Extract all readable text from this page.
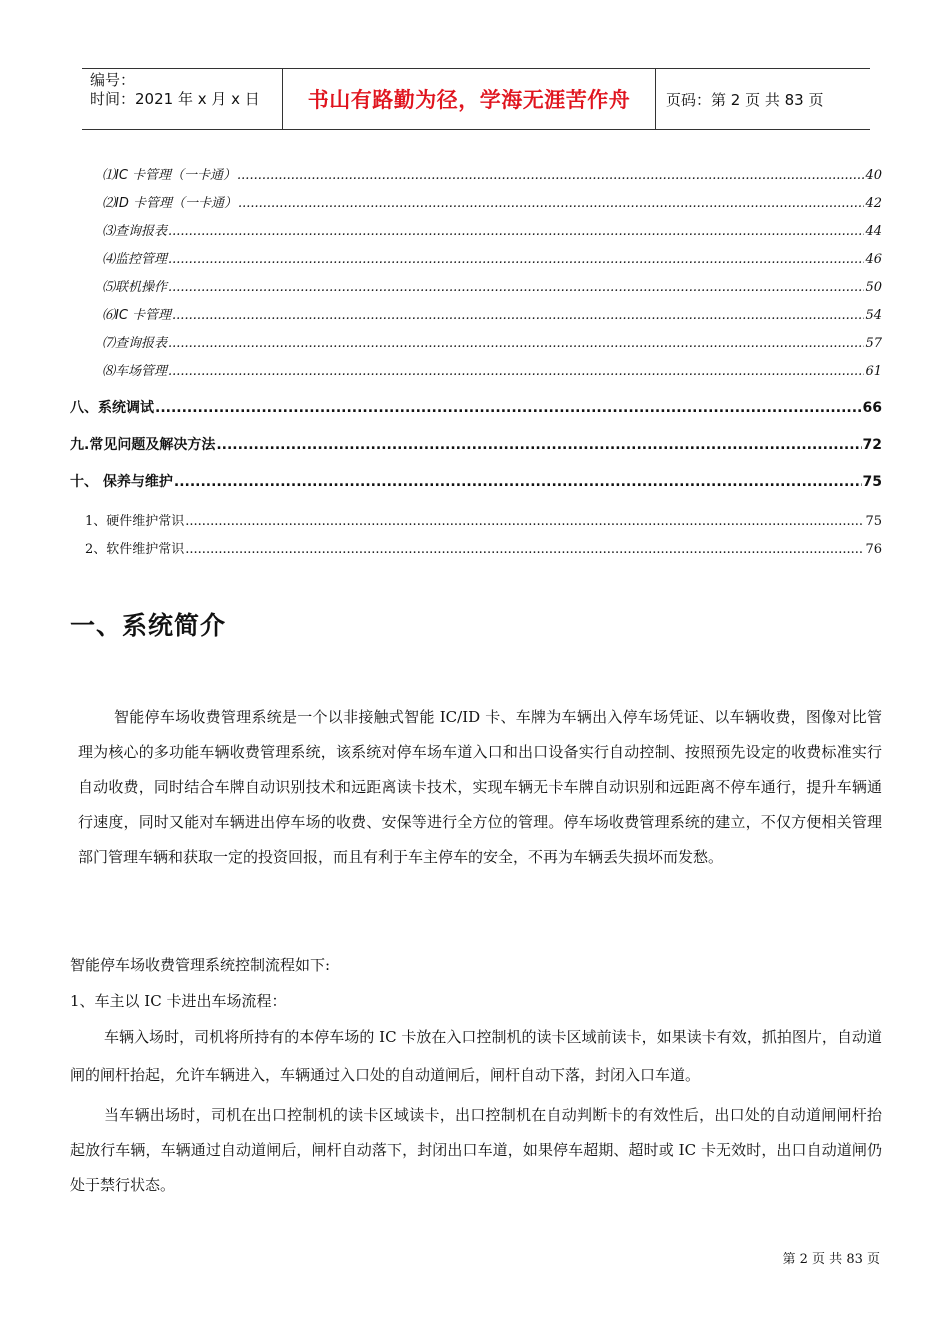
编号：
时间：2021 年 x 月 x 日	书山有路勤为径，学海无涯苦作舟 页码：第 2 页 共 83 页
⑴IC 卡管理（一卡通） .....	40
⑵ID 卡管理（一卡通） .....	42
⑶查询报表 .....	44
⑷监控管理 .....	46
⑸联机操作 .....	50
⑹IC 卡管理 .....	54
⑺查询报表 .....	57
⑻车场管理 .....	61
八、系统调试 .....	66
九.常见问题及解决方法 .....	72
十、 保养与维护 .....	75
1、硬件维护常识 .....	75
2、软件维护常识 .....	76
一、系统简介

智能停车场收费管理系统是一个以非接触式智能 IC/ID 卡、车牌为车辆出入停车场凭证、以车辆收费，图像对比管理为核心的多功能车辆收费管理系统，该系统对停车场车道入口和出口设备实行自动控制、按照预先设定的收费标准实行自动收费，同时结合车牌自动识别技术和远距离读卡技术，实现车辆无卡车牌自动识别和远距离不停车通行，提升车辆通行速度，同时又能对车辆进出停车场的收费、安保等进行全方位的管理。停车场收费管理系统的建立，不仅方便相关管理部门管理车辆和获取一定的投资回报，而且有利于车主停车的安全，不再为车辆丢失损坏而发愁。

智能停车场收费管理系统控制流程如下:

1、车主以 IC 卡进出车场流程：

车辆入场时，司机将所持有的本停车场的 IC 卡放在入口控制机的读卡区域前读卡，如果读卡有效，抓拍图片，自动道闸的闸杆抬起，允许车辆进入，车辆通过入口处的自动道闸后，闸杆自动下落，封闭入口车道。

当车辆出场时，司机在出口控制机的读卡区域读卡，出口控制机在自动判断卡的有效性后，出口处的自动道闸闸杆抬起放行车辆，车辆通过自动道闸后，闸杆自动落下，封闭出口车道，如果停车超期、超时或 IC 卡无效时，出口自动道闸仍处于禁行状态。

第 2 页 共 83 页
